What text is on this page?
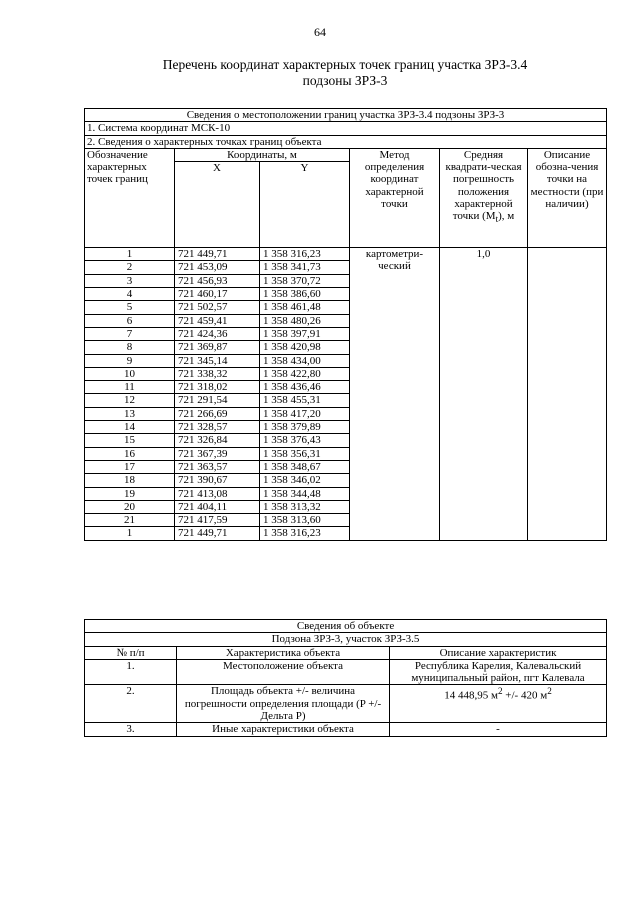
64
Перечень координат характерных точек границ участка ЗРЗ-3.4
подзоны ЗРЗ-3
Сведения о местоположении границ участка ЗРЗ-3.4 подзоны ЗРЗ-3					
1. Система координат МСК-10					
2. Сведения о характерных точках границ объекта					
Обозначение характерных точек границ	Координаты, м		Метод определения координат характерной точки	Средняя квадрати-ческая погрешность положения характерной точки $(M_t)$, м	Описание обозна-чения точки на местности (при наличии)
	X	Y			
1	721 449,71	1 358 316,23	картометри-ческий	1,0	
2	721 453,09	1 358 341,73			
3	721 456,93	1 358 370,72			
4	721 460,17	1 358 386,60			
5	721 502,57	1 358 461,48			
6	721 459,41	1 358 480,26			
7	721 424,36	1 358 397,91			
8	721 369,87	1 358 420,98			
9	721 345,14	1 358 434,00			
10	721 338,32	1 358 422,80			
11	721 318,02	1 358 436,46			
12	721 291,54	1 358 455,31			
13	721 266,69	1 358 417,20			
14	721 328,57	1 358 379,89			
15	721 326,84	1 358 376,43			
16	721 367,39	1 358 356,31			
17	721 363,57	1 358 348,67			
18	721 390,67	1 358 346,02			
19	721 413,08	1 358 344,48			
20	721 404,11	1 358 313,32			
21	721 417,59	1 358 313,60			
1	721 449,71	1 358 316,23			
Сведения об объекте		
Подзона ЗРЗ-3, участок ЗРЗ-3.5		
№ п/п	Характеристика объекта	Описание характеристик
1.	Местоположение объекта	Республика Карелия, Калевальский муниципальный район, пгт Калевала
2.	Площадь объекта +/- величина погрешности определения площади (P +/- Дельта P)	14 448,95 $м^2$ +/- 420 $м^2$
3.	Иные характеристики объекта	-
